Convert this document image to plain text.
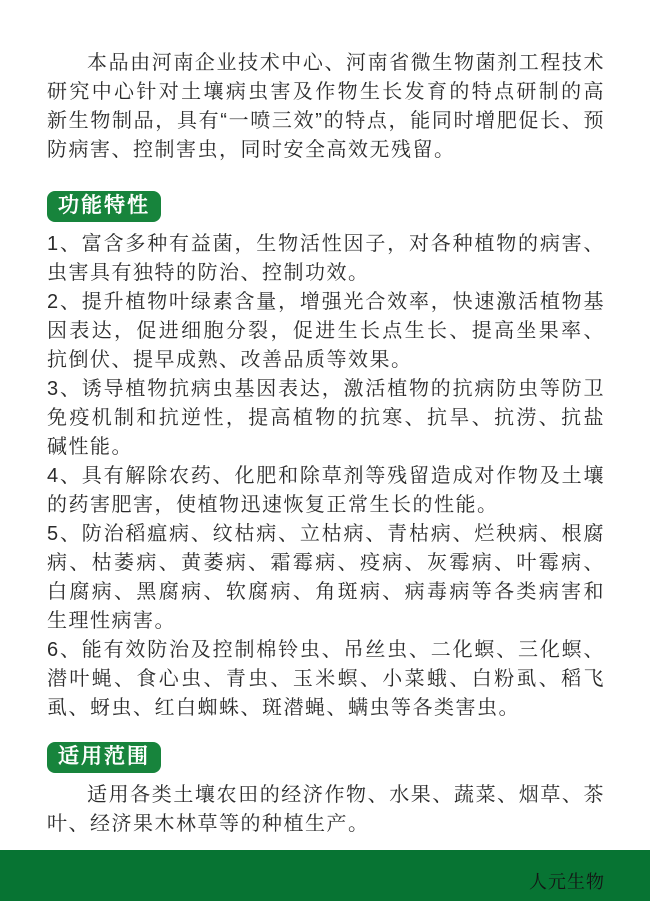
本品由河南企业技术中心、河南省微生物菌剂工程技术研究中心针对土壤病虫害及作物生长发育的特点研制的高新生物制品，具有“一喷三效”的特点，能同时增肥促长、预防病害、控制害虫，同时安全高效无残留。

功能特性

1、富含多种有益菌，生物活性因子，对各种植物的病害、虫害具有独特的防治、控制功效。

2、提升植物叶绿素含量，增强光合效率，快速激活植物基因表达，促进细胞分裂，促进生长点生长、提高坐果率、抗倒伏、提早成熟、改善品质等效果。

3、诱导植物抗病虫基因表达，激活植物的抗病防虫等防卫免疫机制和抗逆性，提高植物的抗寒、抗旱、抗涝、抗盐碱性能。

4、具有解除农药、化肥和除草剂等残留造成对作物及土壤的药害肥害，使植物迅速恢复正常生长的性能。

5、防治稻瘟病、纹枯病、立枯病、青枯病、烂秧病、根腐病、枯萎病、黄萎病、霜霉病、疫病、灰霉病、叶霉病、白腐病、黑腐病、软腐病、角斑病、病毒病等各类病害和生理性病害。

6、能有效防治及控制棉铃虫、吊丝虫、二化螟、三化螟、潜叶蝇、食心虫、青虫、玉米螟、小菜蛾、白粉虱、稻飞虱、蚜虫、红白蜘蛛、斑潜蝇、螨虫等各类害虫。

适用范围

适用各类土壤农田的经济作物、水果、蔬菜、烟草、茶叶、经济果木林草等的种植生产。

人元生物
